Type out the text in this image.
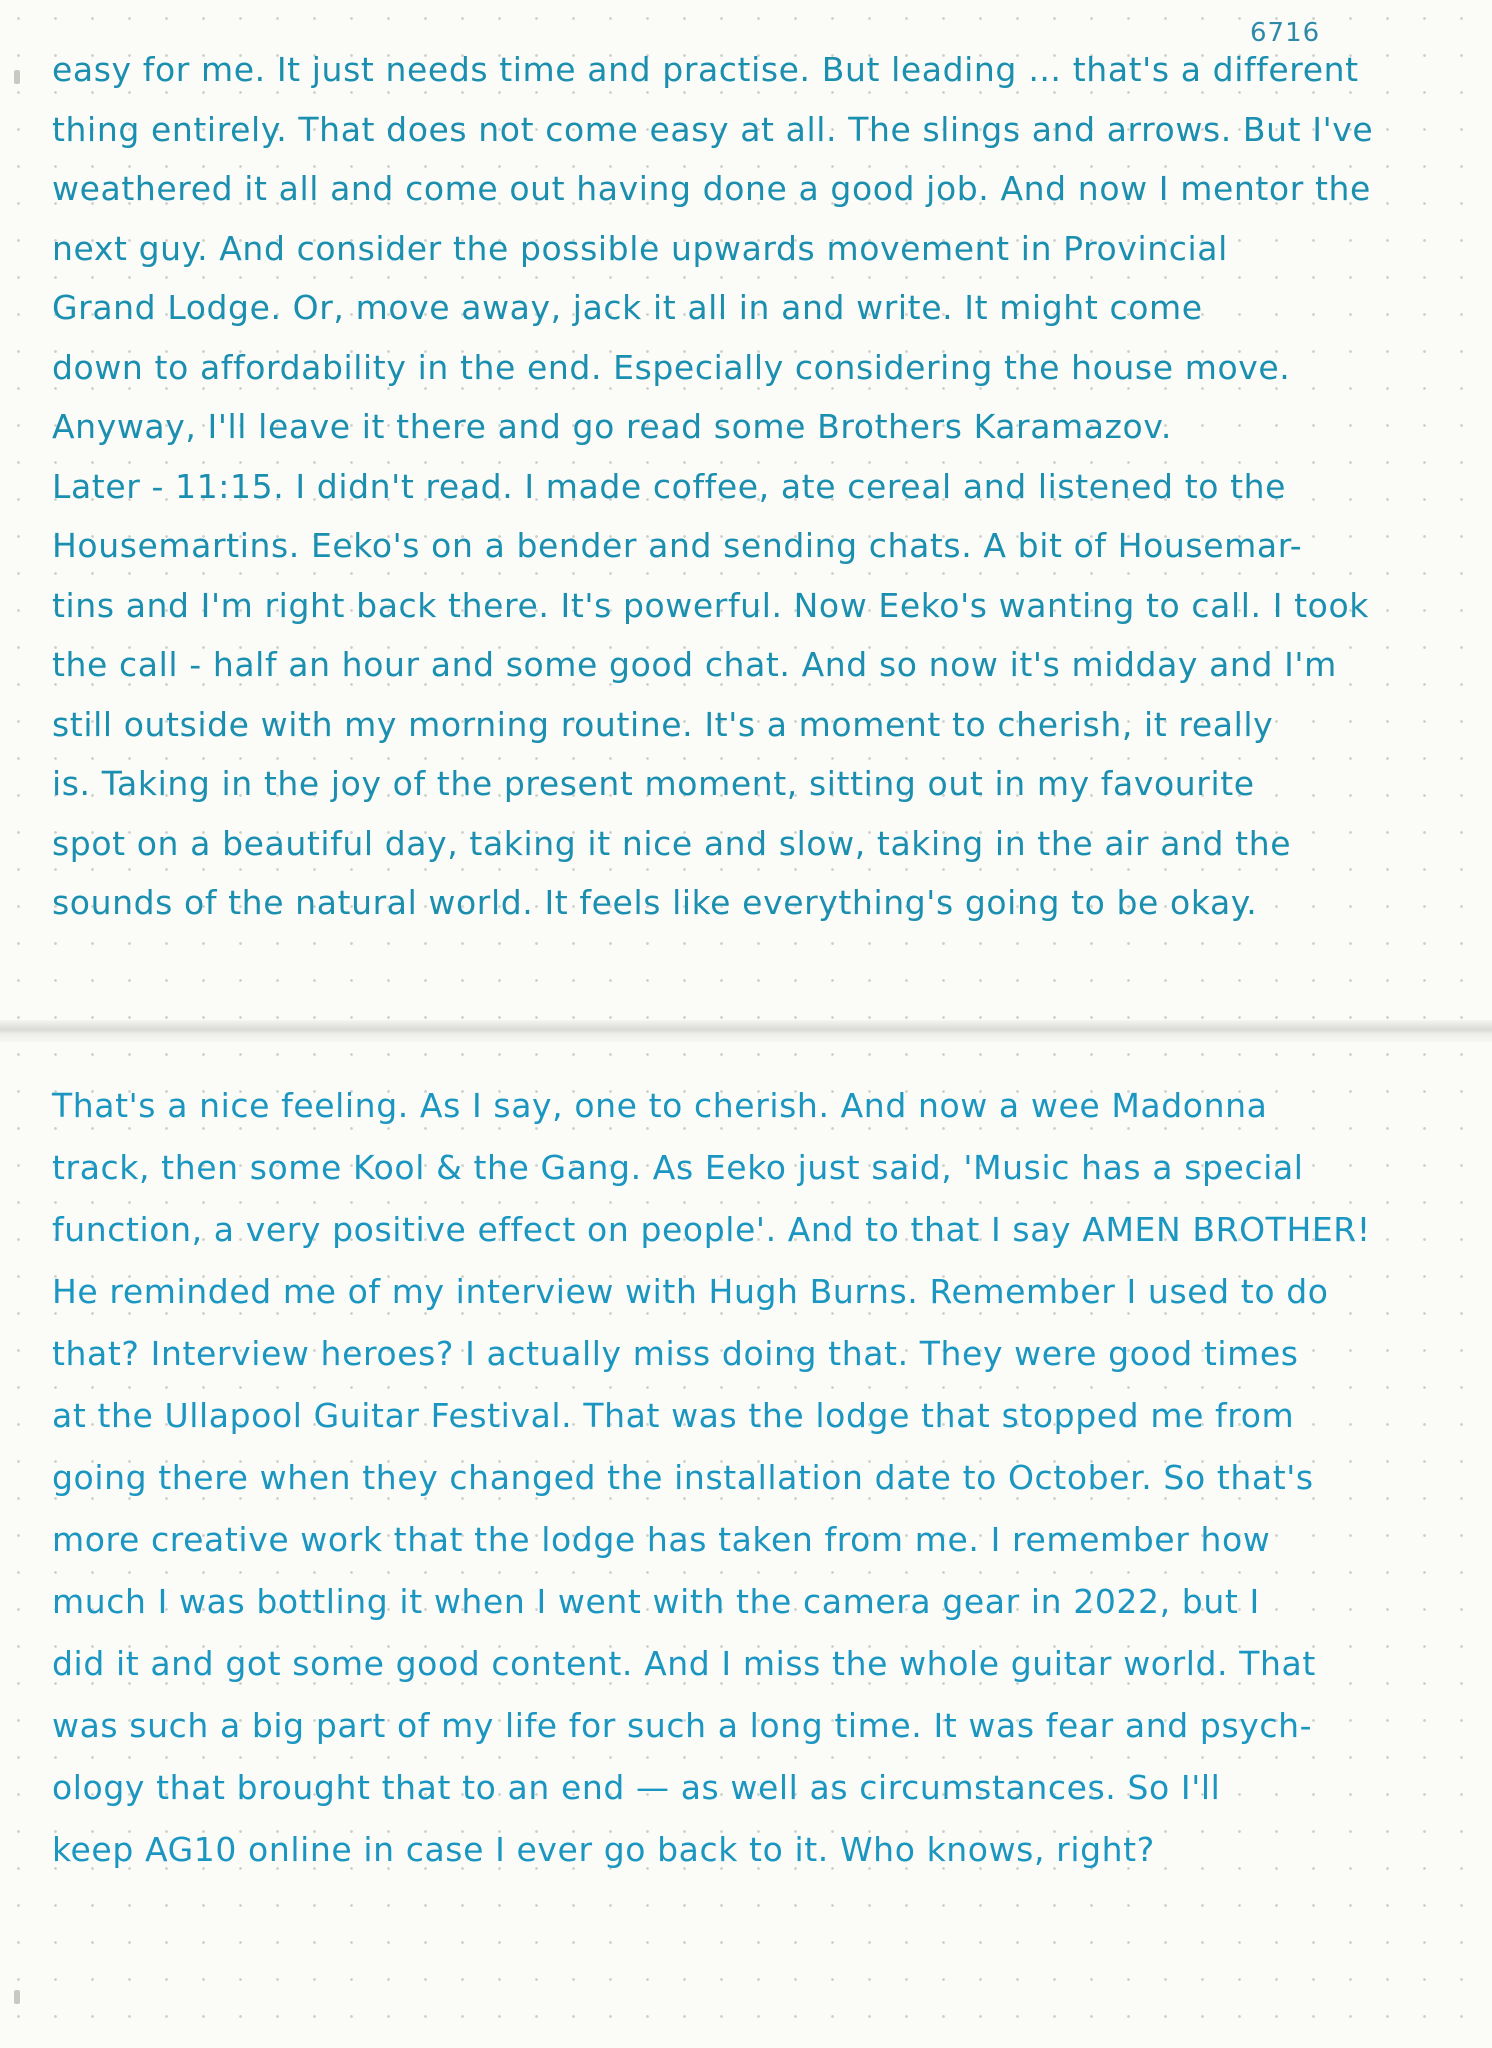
6716
easy for me. It just needs time and practise. But leading … that's a different
thing entirely. That does not come easy at all. The slings and arrows. But I've
weathered it all and come out having done a good job. And now I mentor the
next guy. And consider the possible upwards movement in Provincial
Grand Lodge. Or, move away, jack it all in and write. It might come
down to affordability in the end. Especially considering the house move.
Anyway, I'll leave it there and go read some Brothers Karamazov.
Later - 11:15. I didn't read. I made coffee, ate cereal and listened to the
Housemartins. Eeko's on a bender and sending chats. A bit of Housemar-
tins and I'm right back there. It's powerful. Now Eeko's wanting to call. I took
the call - half an hour and some good chat. And so now it's midday and I'm
still outside with my morning routine. It's a moment to cherish, it really
is. Taking in the joy of the present moment, sitting out in my favourite
spot on a beautiful day, taking it nice and slow, taking in the air and the
sounds of the natural world. It feels like everything's going to be okay.
That's a nice feeling. As I say, one to cherish. And now a wee Madonna
track, then some Kool & the Gang. As Eeko just said, 'Music has a special
function, a very positive effect on people'. And to that I say AMEN BROTHER!
He reminded me of my interview with Hugh Burns. Remember I used to do
that? Interview heroes? I actually miss doing that. They were good times
at the Ullapool Guitar Festival. That was the lodge that stopped me from
going there when they changed the installation date to October. So that's
more creative work that the lodge has taken from me. I remember how
much I was bottling it when I went with the camera gear in 2022, but I
did it and got some good content. And I miss the whole guitar world. That
was such a big part of my life for such a long time. It was fear and psych-
ology that brought that to an end — as well as circumstances. So I'll
keep AG10 online in case I ever go back to it. Who knows, right?
